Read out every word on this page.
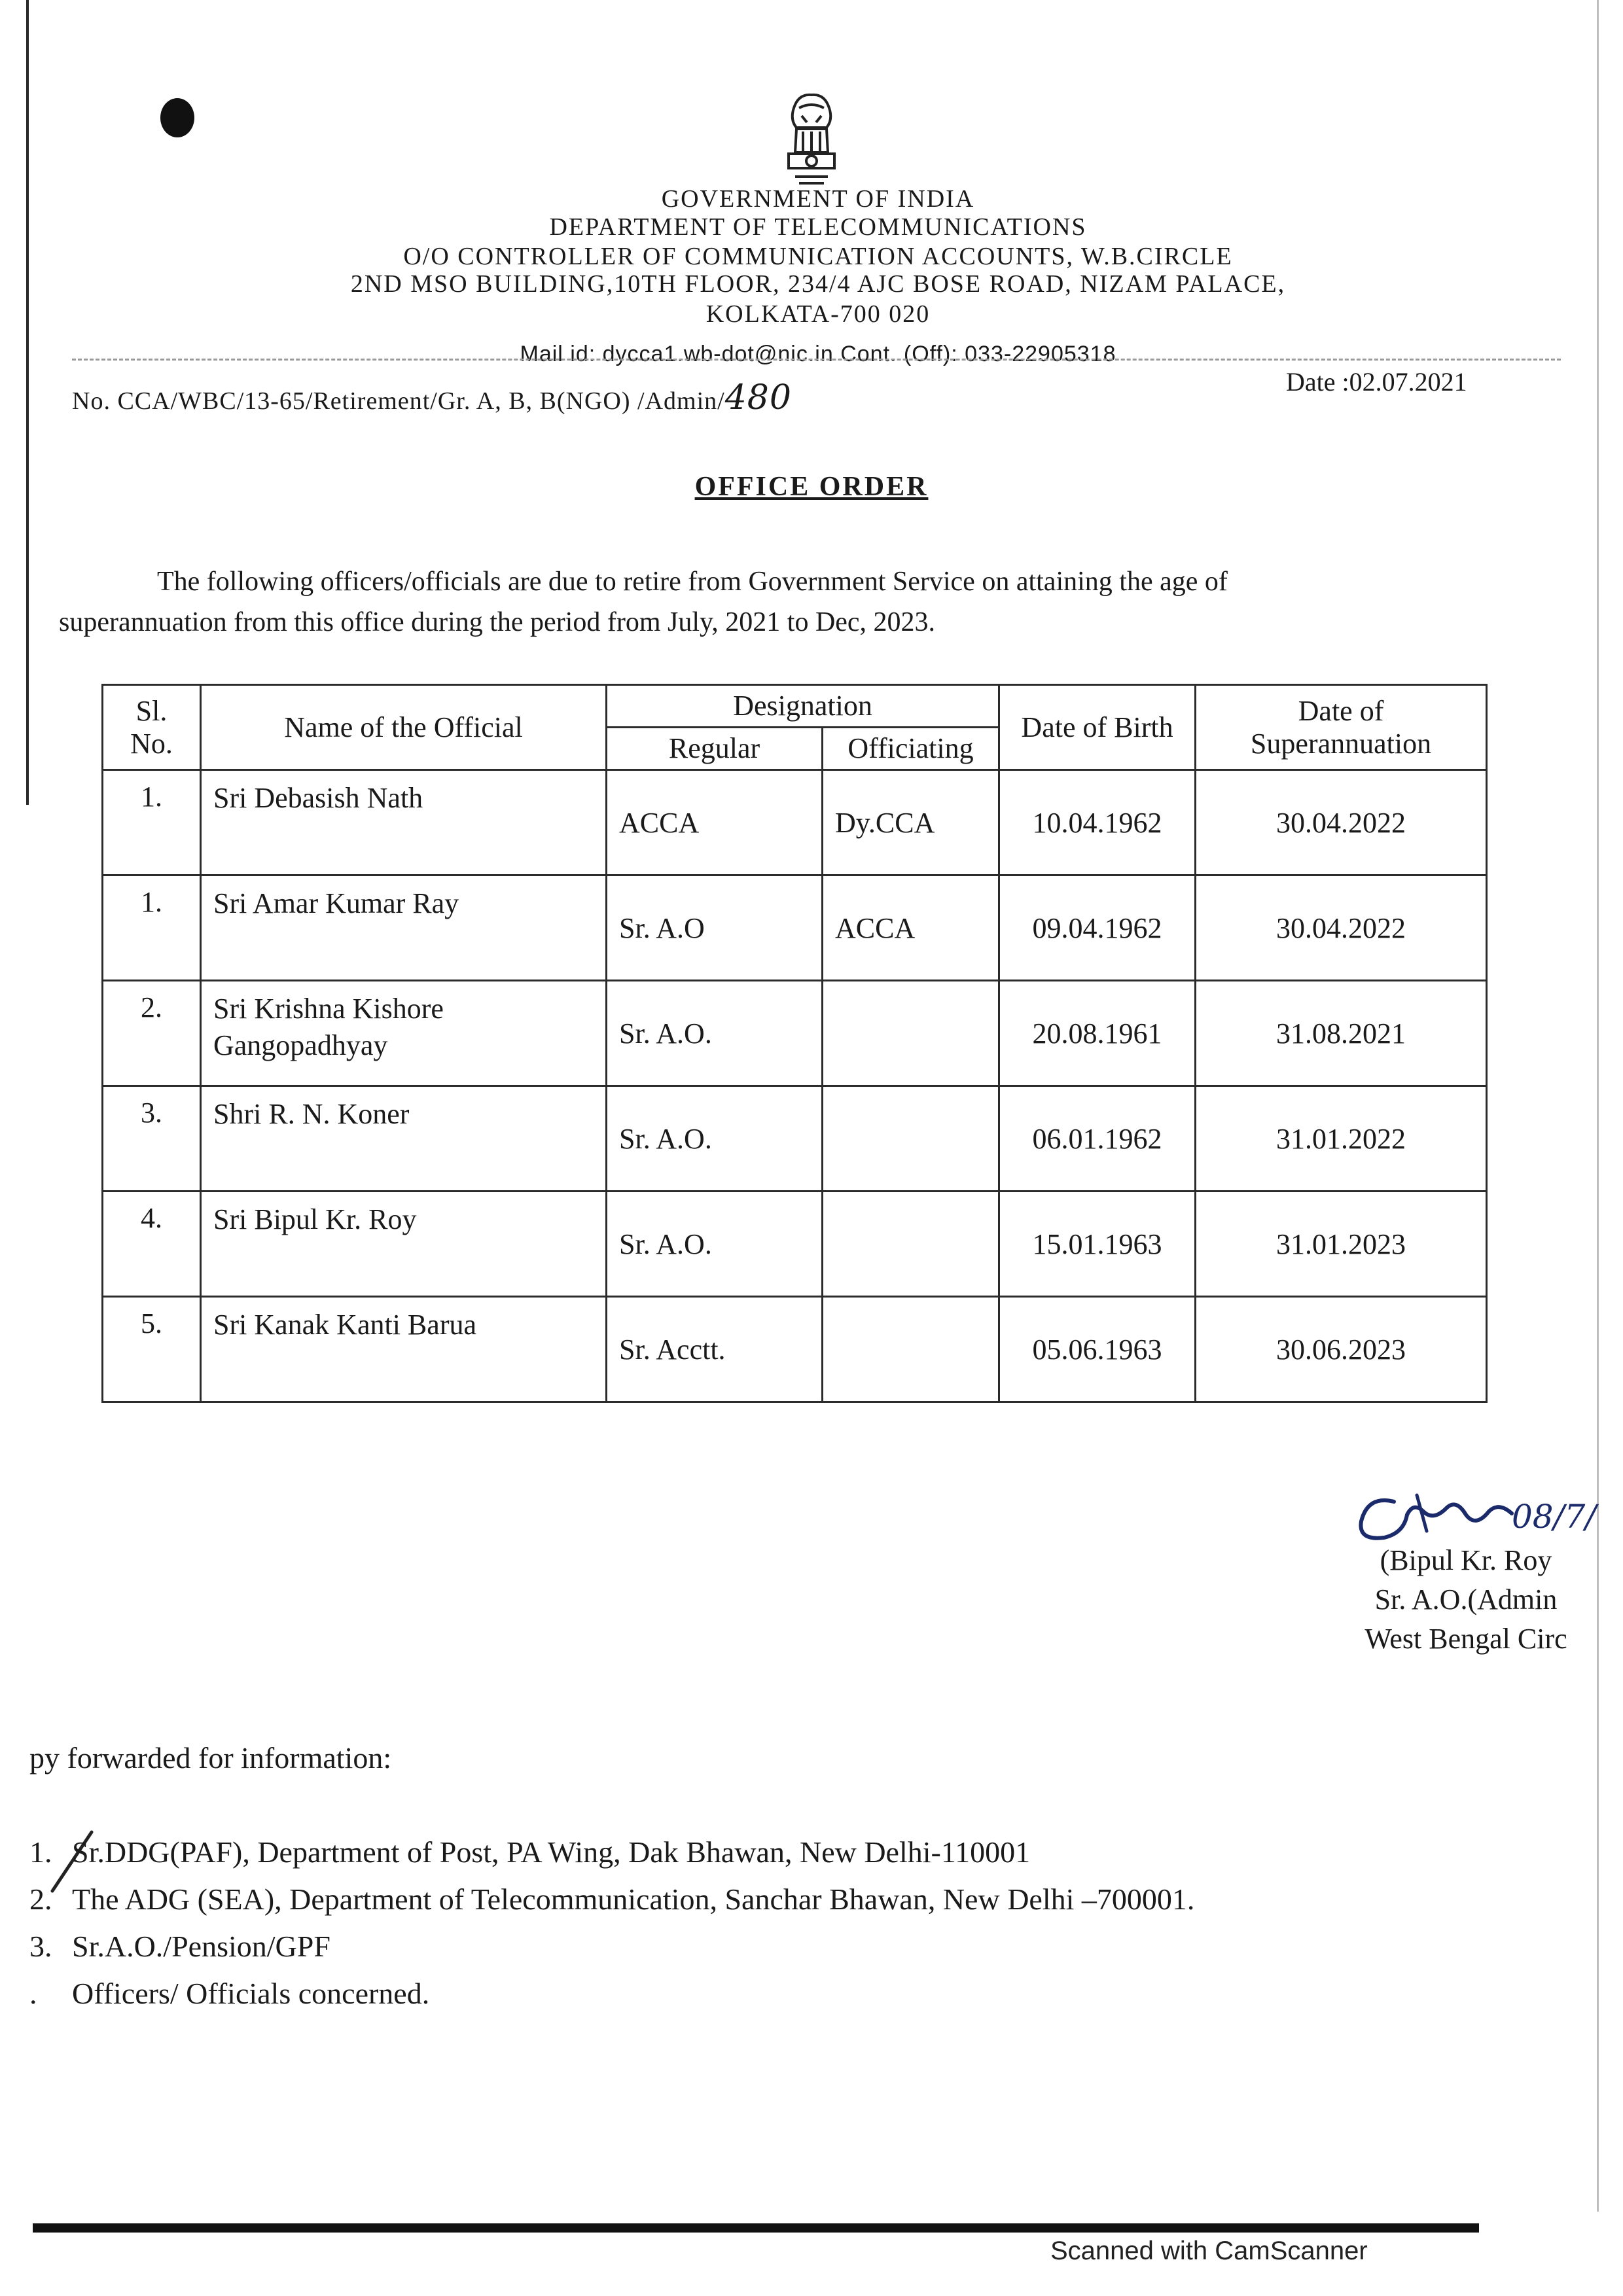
GOVERNMENT OF INDIA
DEPARTMENT OF TELECOMMUNICATIONS
O/O CONTROLLER OF COMMUNICATION ACCOUNTS, W.B.CIRCLE
2ND MSO BUILDING,10TH FLOOR, 234/4 AJC BOSE ROAD, NIZAM PALACE,
KOLKATA-700 020
Mail id: dycca1.wb-dot@nic.in Cont. (Off): 033-22905318
No. CCA/WBC/13-65/Retirement/Gr. A, B, B(NGO) /Admin/480	Date :02.07.2021
OFFICE ORDER
The following officers/officials are due to retire from Government Service on attaining the age of
superannuation from this office during the period from July, 2021 to Dec, 2023.
Sl. No.	Name of the Official	Designation		Date of Birth	Date of Superannuation
		Regular	Officiating		
1.	Sri Debasish Nath	ACCA	Dy.CCA	10.04.1962	30.04.2022
1.	Sri Amar Kumar Ray	Sr. A.O	ACCA	09.04.1962	30.04.2022
2.	Sri Krishna Kishore Gangopadhyay	Sr. A.O.		20.08.1961	31.08.2021
3.	Shri R. N. Koner	Sr. A.O.		06.01.1962	31.01.2022
4.	Sri Bipul Kr. Roy	Sr. A.O.		15.01.1963	31.01.2023
5.	Sri Kanak Kanti Barua	Sr. Acctt.		05.06.1963	30.06.2023
08/7/
(Bipul Kr. Roy
Sr. A.O.(Admin
West Bengal Circ
py forwarded for information:
1. Sr.DDG(PAF), Department of Post, PA Wing, Dak Bhawan, New Delhi-110001
2. The ADG (SEA), Department of Telecommunication, Sanchar Bhawan, New Delhi –700001.
3. Sr.A.O./Pension/GPF
. Officers/ Officials concerned.
Scanned with CamScanner
